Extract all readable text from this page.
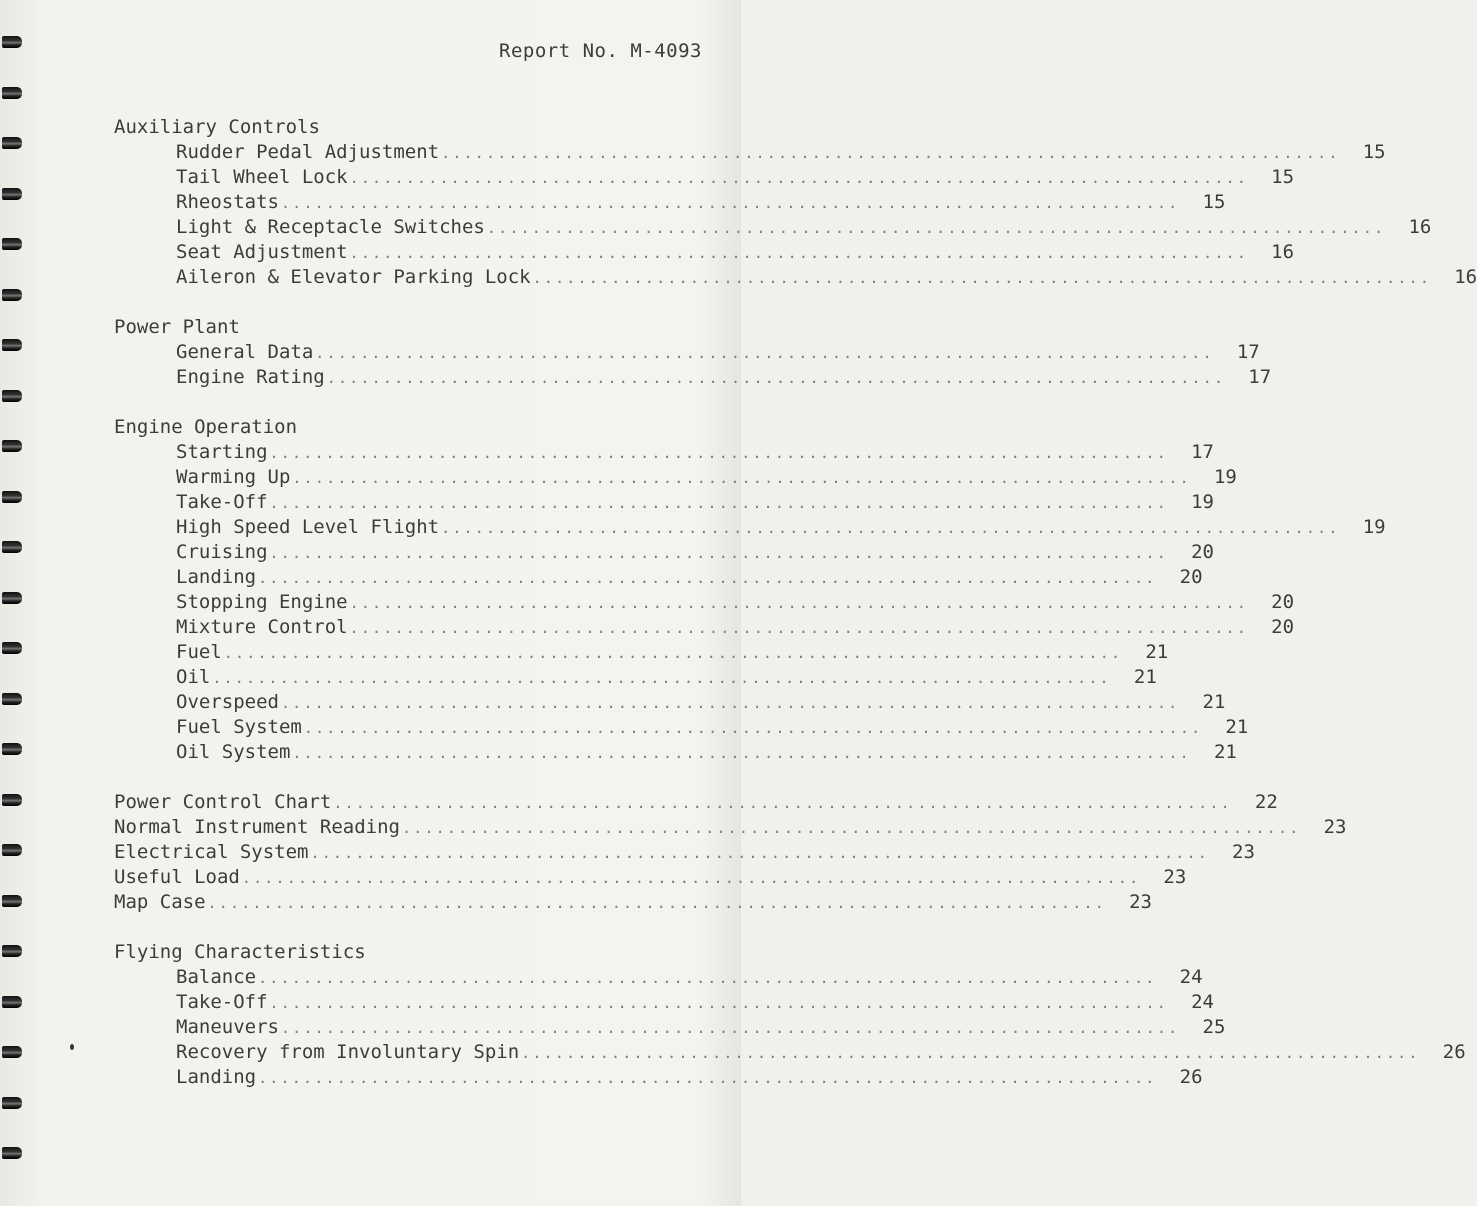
Report No. M-4093
Auxiliary Controls
Rudder Pedal Adjustment ................................................................................	15
Tail Wheel Lock ................................................................................	15
Rheostats ................................................................................	15
Light & Receptacle Switches ................................................................................	16
Seat Adjustment ................................................................................	16
Aileron & Elevator Parking Lock ................................................................................	16
Power Plant
General Data ................................................................................	17
Engine Rating ................................................................................	17
Engine Operation
Starting ................................................................................	17
Warming Up ................................................................................	19
Take-Off ................................................................................	19
High Speed Level Flight ................................................................................	19
Cruising ................................................................................	20
Landing ................................................................................	20
Stopping Engine ................................................................................	20
Mixture Control ................................................................................	20
Fuel ................................................................................	21
Oil ................................................................................	21
Overspeed ................................................................................	21
Fuel System ................................................................................	21
Oil System ................................................................................	21
Power Control Chart ................................................................................	22
Normal Instrument Reading ................................................................................	23
Electrical System ................................................................................	23
Useful Load ................................................................................	23
Map Case ................................................................................	23
Flying Characteristics
Balance ................................................................................	24
Take-Off ................................................................................	24
Maneuvers ................................................................................	25
Recovery from Involuntary Spin ................................................................................	26
Landing ................................................................................	26
